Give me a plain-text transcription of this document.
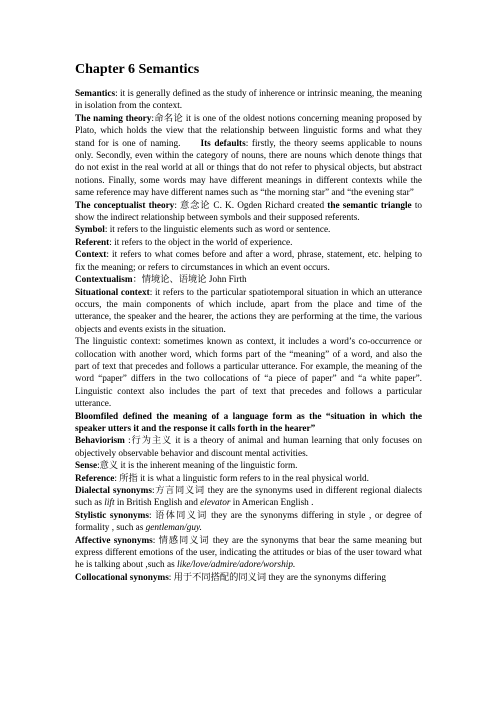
Chapter 6 Semantics

Semantics: it is generally defined as the study of inherence or intrinsic meaning, the meaning in isolation from the context.

The naming theory:命名论 it is one of the oldest notions concerning meaning proposed by Plato, which holds the view that the relationship between linguistic forms and what they stand for is one of naming. Its defaults: firstly, the theory seems applicable to nouns only. Secondly, even within the category of nouns, there are nouns which denote things that do not exist in the real world at all or things that do not refer to physical objects, but abstract notions. Finally, some words may have different meanings in different contexts while the same reference may have different names such as “the morning star” and “the evening star”

The conceptualist theory: 意念论 C. K. Ogden Richard created the semantic triangle to show the indirect relationship between symbols and their supposed referents.

Symbol: it refers to the linguistic elements such as word or sentence.

Referent: it refers to the object in the world of experience.

Context: it refers to what comes before and after a word, phrase, statement, etc. helping to fix the meaning; or refers to circumstances in which an event occurs.

Contextualism：情境论、语境论 John Firth

Situational context: it refers to the particular spatiotemporal situation in which an utterance occurs, the main components of which include, apart from the place and time of the utterance, the speaker and the hearer, the actions they are performing at the time, the various objects and events exists in the situation.

The linguistic context: sometimes known as context, it includes a word’s co-occurrence or collocation with another word, which forms part of the “meaning” of a word, and also the part of text that precedes and follows a particular utterance. For example, the meaning of the word “paper” differs in the two collocations of “a piece of paper” and “a white paper”. Linguistic context also includes the part of text that precedes and follows a particular utterance.

Bloomfiled defined the meaning of a language form as the “situation in which the speaker utters it and the response it calls forth in the hearer”

Behaviorism :行为主义 it is a theory of animal and human learning that only focuses on objectively observable behavior and discount mental activities.

Sense:意义 it is the inherent meaning of the linguistic form.

Reference: 所指 it is what a linguistic form refers to in the real physical world.

Dialectal synonyms:方言同义词 they are the synonyms used in different regional dialects such as lift in British English and elevator in American English .

Stylistic synonyms: 语体同义词 they are the synonyms differing in style , or degree of formality , such as gentleman/guy.

Affective synonyms: 情感同义词 they are the synonyms that bear the same meaning but express different emotions of the user, indicating the attitudes or bias of the user toward what he is talking about ,such as like/love/admire/adore/worship.

Collocational synonyms: 用于不同搭配的同义词 they are the synonyms differing
